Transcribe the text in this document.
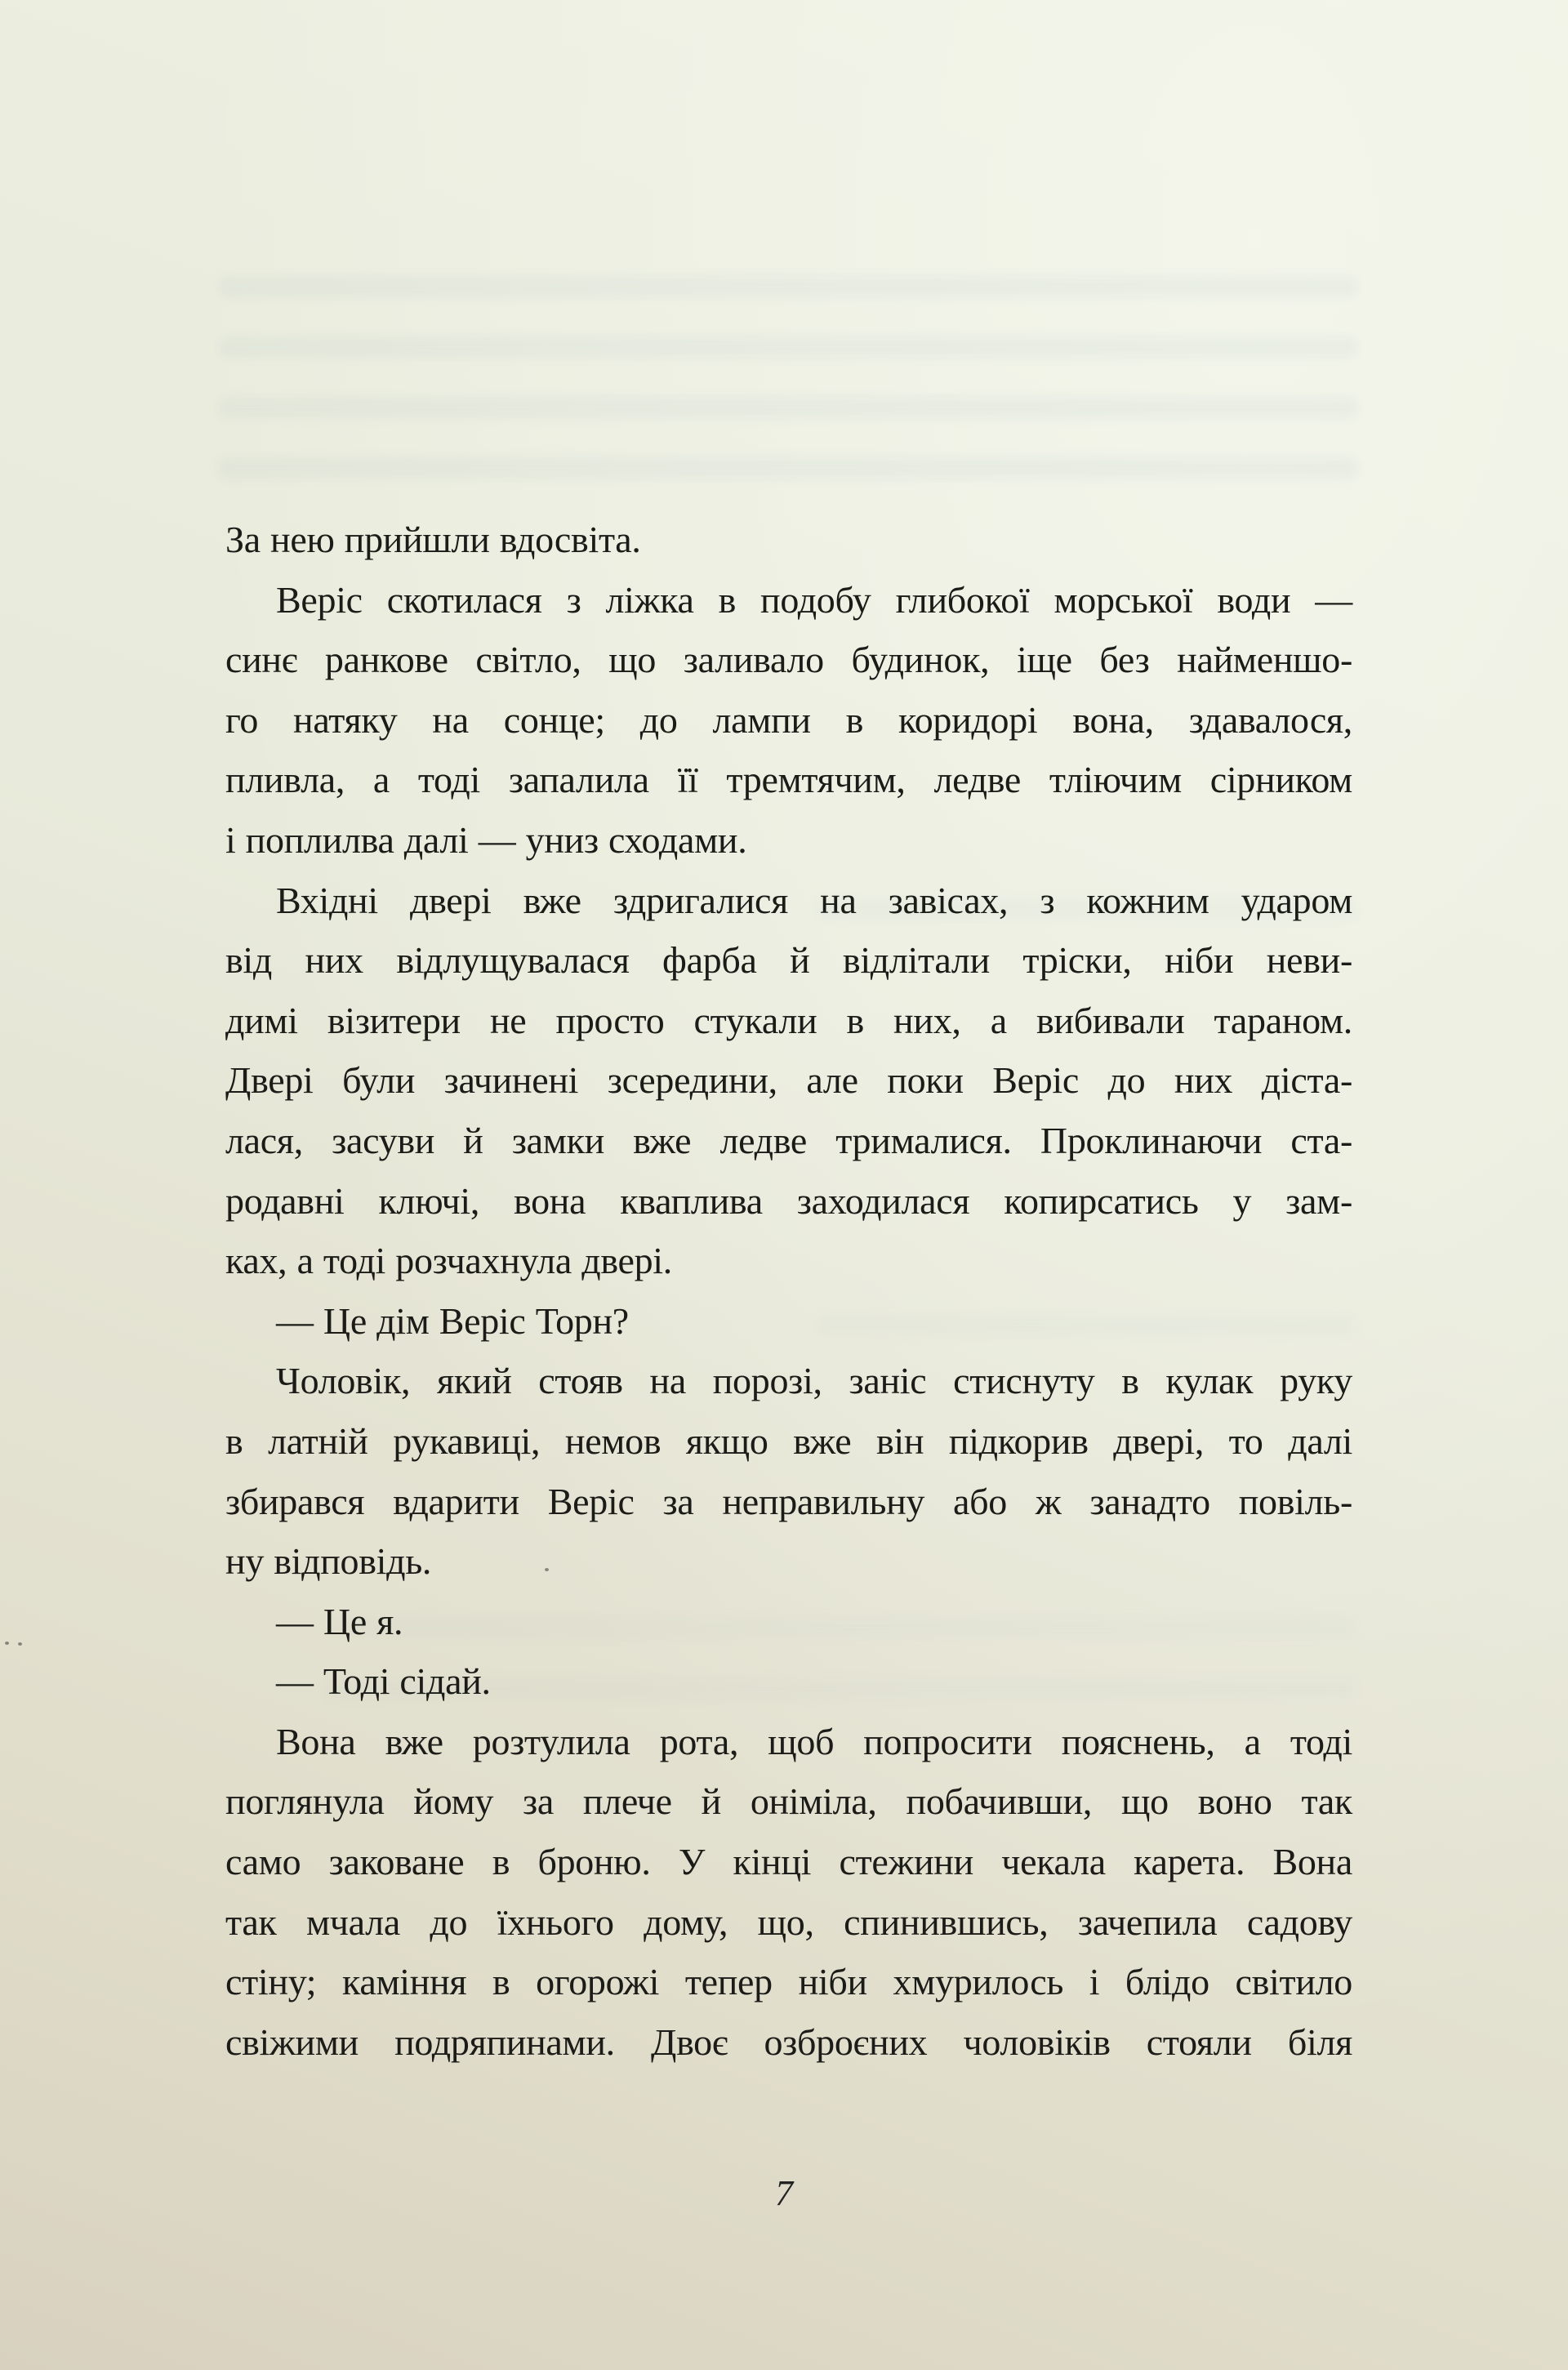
За нею прийшли вдосвіта.

Веріс скотилася з ліжка в подобу глибокої морської води —
синє ранкове світло, що заливало будинок, іще без найменшо-
го натяку на сонце; до лампи в коридорі вона, здавалося,
пливла, а тоді запалила її тремтячим, ледве тліючим сірником
і поплилва далі — униз сходами.

Вхідні двері вже здригалися на завісах, з кожним ударом
від них відлущувалася фарба й відлітали тріски, ніби неви-
димі візитери не просто стукали в них, а вибивали тараном.
Двері були зачинені зсередини, але поки Веріс до них діста-
лася, засуви й замки вже ледве трималися. Проклинаючи ста-
родавні ключі, вона кваплива заходилася копирсатись у зам-
ках, а тоді розчахнула двері.

— Це дім Веріс Торн?

Чоловік, який стояв на порозі, заніс стиснуту в кулак руку
в латній рукавиці, немов якщо вже він підкорив двері, то далі
збирався вдарити Веріс за неправильну або ж занадто повіль-
ну відповідь.

— Це я.

— Тоді сідай.

Вона вже розтулила рота, щоб попросити пояснень, а тоді
поглянула йому за плече й оніміла, побачивши, що воно так
само заковане в броню. У кінці стежини чекала карета. Вона
так мчала до їхнього дому, що, спинившись, зачепила садову
стіну; каміння в огорожі тепер ніби хмурилось і блідо світило
свіжими подряпинами. Двоє озброєних чоловіків стояли біля

7
